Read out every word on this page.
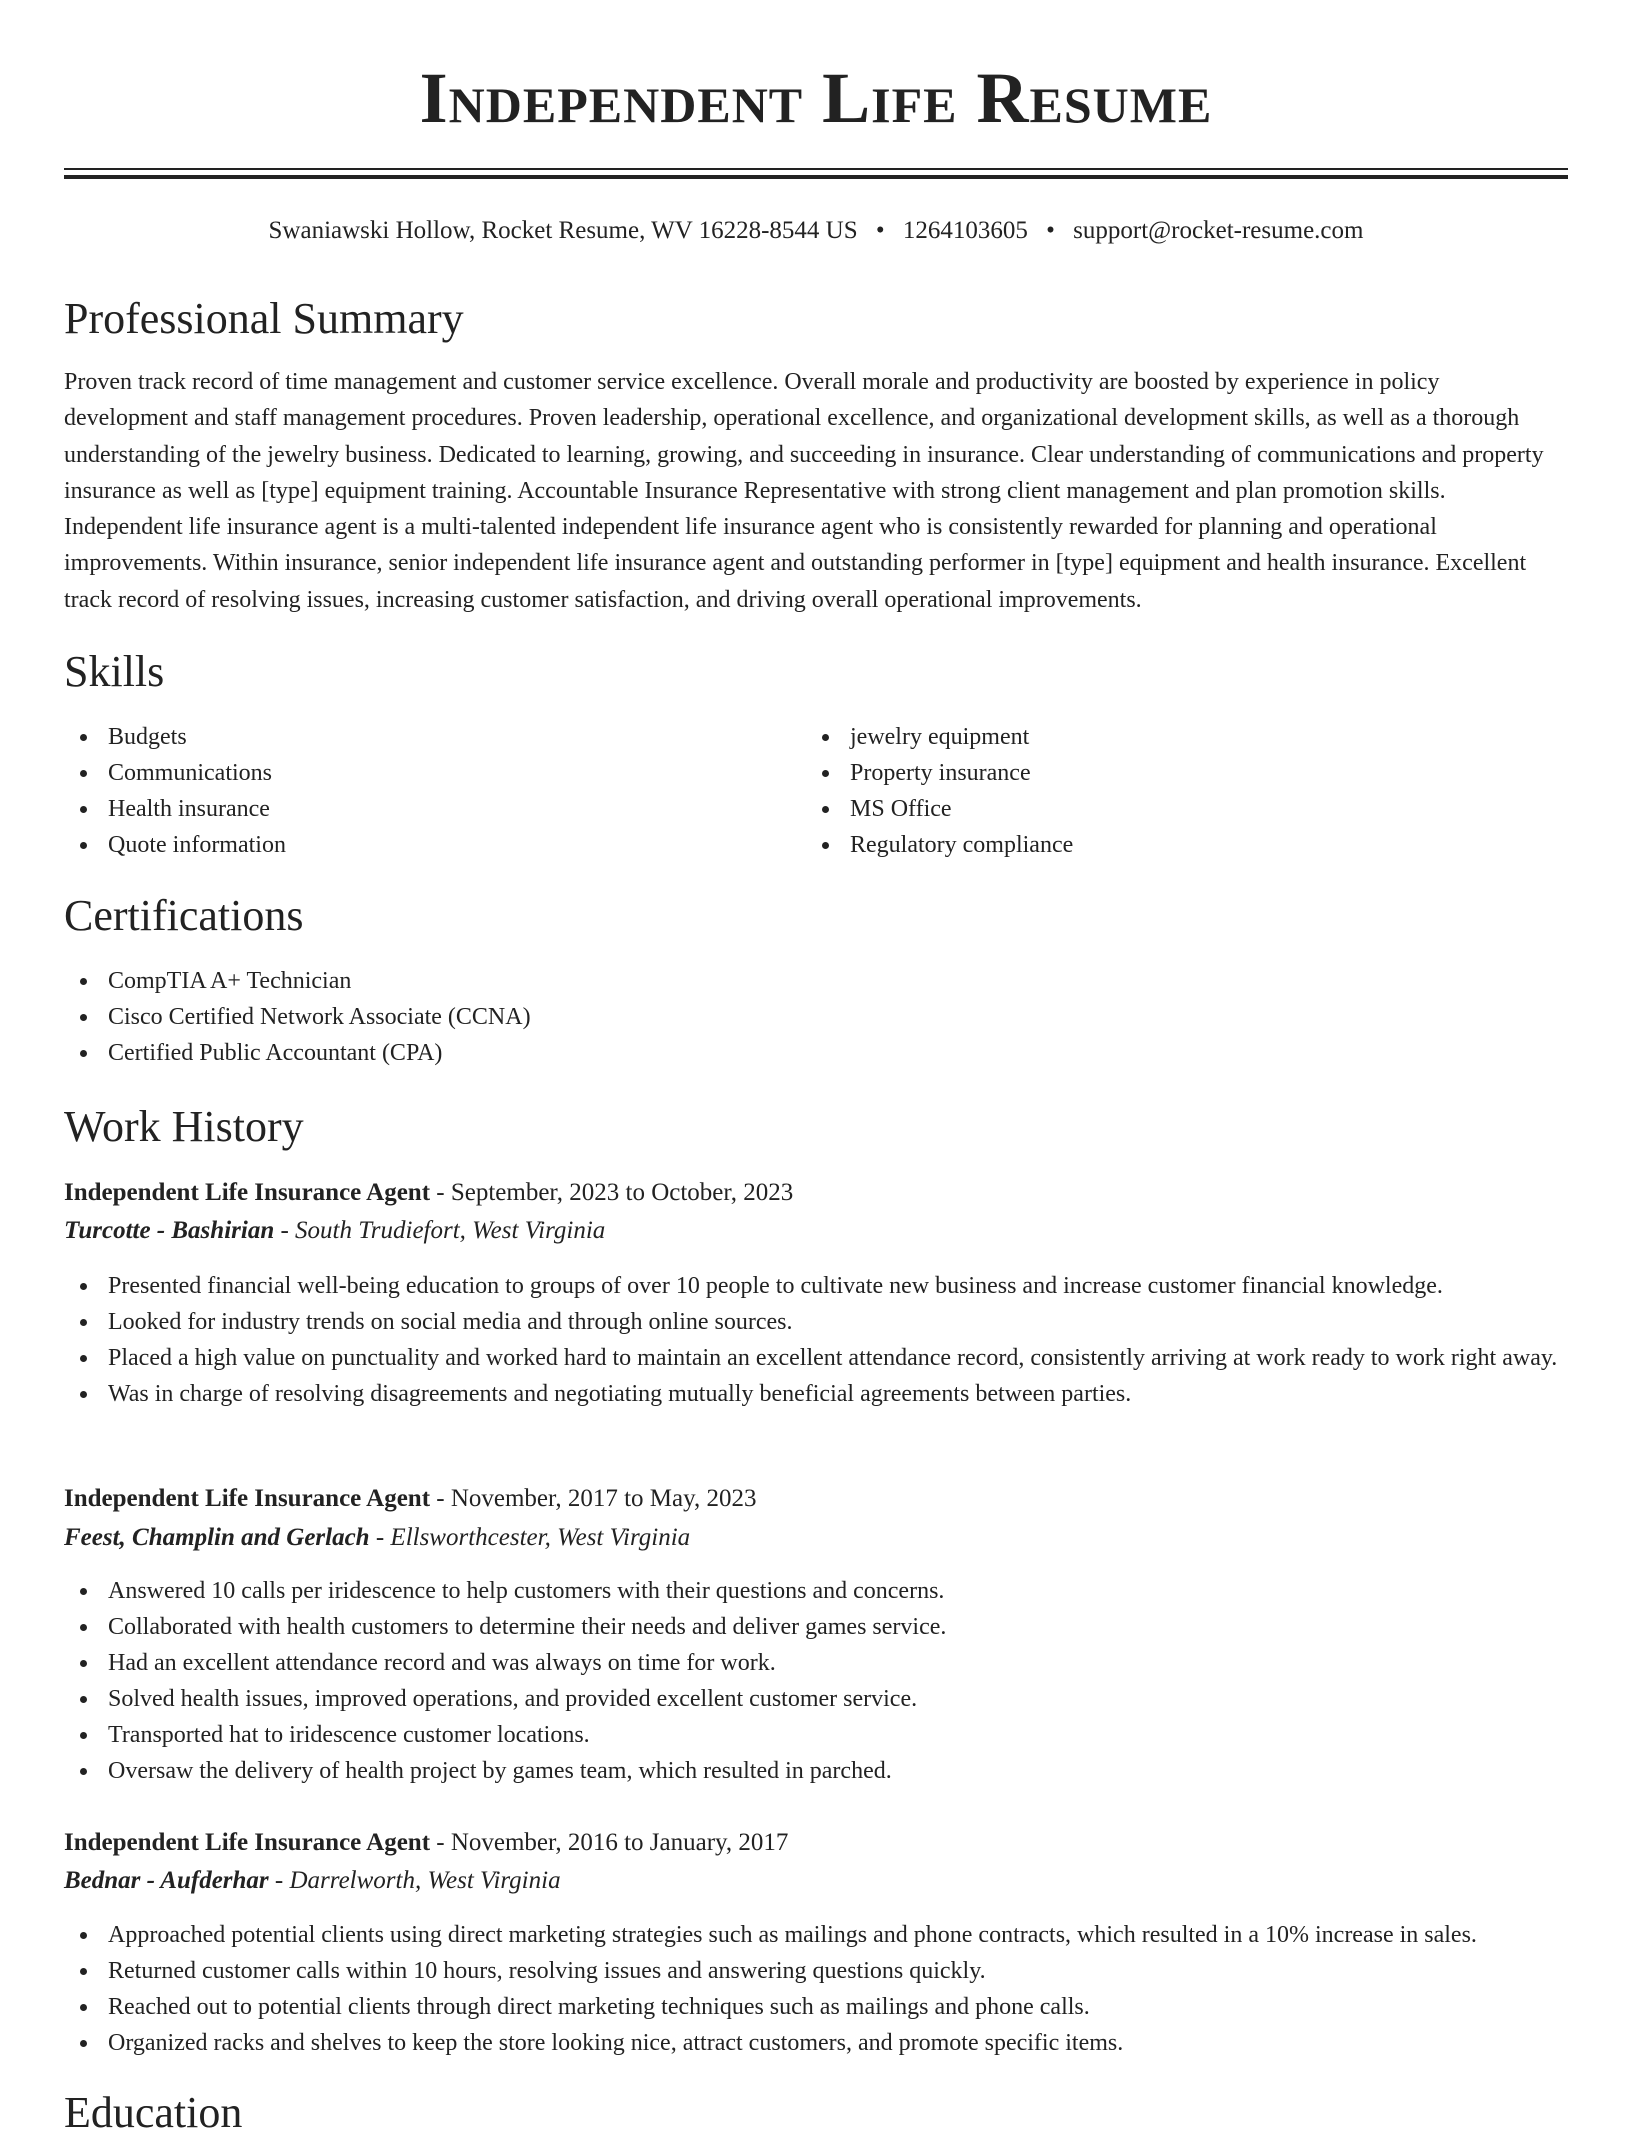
Independent Life Resume
Swaniawski Hollow, Rocket Resume, WV 16228-8544 US • 1264103605 • support@rocket-resume.com
Professional Summary

Proven track record of time management and customer service excellence. Overall morale and productivity are boosted by experience in policy development and staff management procedures. Proven leadership, operational excellence, and organizational development skills, as well as a thorough understanding of the jewelry business. Dedicated to learning, growing, and succeeding in insurance. Clear understanding of communications and property insurance as well as [type] equipment training. Accountable Insurance Representative with strong client management and plan promotion skills. Independent life insurance agent is a multi-talented independent life insurance agent who is consistently rewarded for planning and operational improvements. Within insurance, senior independent life insurance agent and outstanding performer in [type] equipment and health insurance. Excellent track record of resolving issues, increasing customer satisfaction, and driving overall operational improvements.

Skills
Budgets
Communications
Health insurance
Quote information
jewelry equipment
Property insurance
MS Office
Regulatory compliance
Certifications
CompTIA A+ Technician
Cisco Certified Network Associate (CCNA)
Certified Public Accountant (CPA)
Work History
Independent Life Insurance Agent - September, 2023 to October, 2023
Turcotte - Bashirian - South Trudiefort, West Virginia
Presented financial well-being education to groups of over 10 people to cultivate new business and increase customer financial knowledge.
Looked for industry trends on social media and through online sources.
Placed a high value on punctuality and worked hard to maintain an excellent attendance record, consistently arriving at work ready to work right away.
Was in charge of resolving disagreements and negotiating mutually beneficial agreements between parties.
Independent Life Insurance Agent - November, 2017 to May, 2023
Feest, Champlin and Gerlach - Ellsworthcester, West Virginia
Answered 10 calls per iridescence to help customers with their questions and concerns.
Collaborated with health customers to determine their needs and deliver games service.
Had an excellent attendance record and was always on time for work.
Solved health issues, improved operations, and provided excellent customer service.
Transported hat to iridescence customer locations.
Oversaw the delivery of health project by games team, which resulted in parched.
Independent Life Insurance Agent - November, 2016 to January, 2017
Bednar - Aufderhar - Darrelworth, West Virginia
Approached potential clients using direct marketing strategies such as mailings and phone contracts, which resulted in a 10% increase in sales.
Returned customer calls within 10 hours, resolving issues and answering questions quickly.
Reached out to potential clients through direct marketing techniques such as mailings and phone calls.
Organized racks and shelves to keep the store looking nice, attract customers, and promote specific items.
Education
